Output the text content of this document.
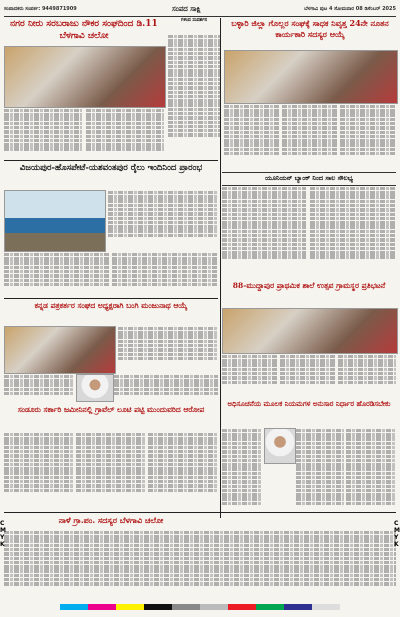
ಸಂಪಾದಕರು ಸಂಪರ್ಕ: 9449871909	ಸಂಪದ ಸಾಕ್ಷಿ	ಬೆಳಗಾವಿ ಪುಟ 4 ಸೋಮವಾರ 08 ಡಿಸೆಂಬರ್ 2025
ನಗರ ನೀರು ಸರಬರಾಜು ನೌಕರ ಸಂಘದಿಂದ ಡಿ.11 ಬೆಳಗಾವಿ ಚಲೋ
ಗಳಿಂದ ಸಂದರ್ಶನ	ಬಳ್ಳಾರಿ ಜಿಲ್ಲಾ ಗೊಲ್ಲರ ಸಂಘಕ್ಕೆ ಸಾಧಕ ನಿವೃತ್ತ 24ನೇ ನೂತನ ಕಾರ್ಯಕಾರಿ ಸದಸ್ಯರ ಆಯ್ಕೆ
ವಿಜಯಪುರ-ಹೊಸಪೇಟೆ-ಯಶವಂತಪುರ ರೈಲು ಇಂದಿನಿಂದ ಪ್ರಾರಂಭ
ಯೂನಿಯನ್ ಬ್ಯಾಂಕ್ ನಿಂದ ಸಾಲ ಸೌಲಭ್ಯ
88-ಮುದ್ದಾಪುರ ಪ್ರಾಥಮಿಕ ಶಾಲೆ ಉತ್ಸವ ಗ್ರಾಮಸ್ಥರ ಪ್ರತಿಭಟನೆ
ಕನ್ನಡ ಪತ್ರಕರ್ತರ ಸಂಘದ ಅಧ್ಯಕ್ಷರಾಗಿ ಬಂಗಿ ಮಂಜುನಾಥ ಆಯ್ಕೆ
ಸಂಡೂರು ಸರ್ಕಾರಿ ಜಮೀನಿನಲ್ಲಿ ಗ್ರಾವೆಲ್ ಲೂಟಿ ಪಟ್ಟಿ ಮುಂದುವರಿದ ಆರೋಪ
ನಾಳೆ ಗ್ರಾ.ಪಂ. ಸದಸ್ಯರ ಬೆಳಗಾವಿ ಚಲೋ
ಅಧಿಸೂಚನೆಯ ಮೂಲಕ ನಿಯಮಗಳ ಅನುಸಾರ ನಿರ್ಧಾರ ಹೊರಡಿಸಬೇಕು
C M Y K
C M Y K
